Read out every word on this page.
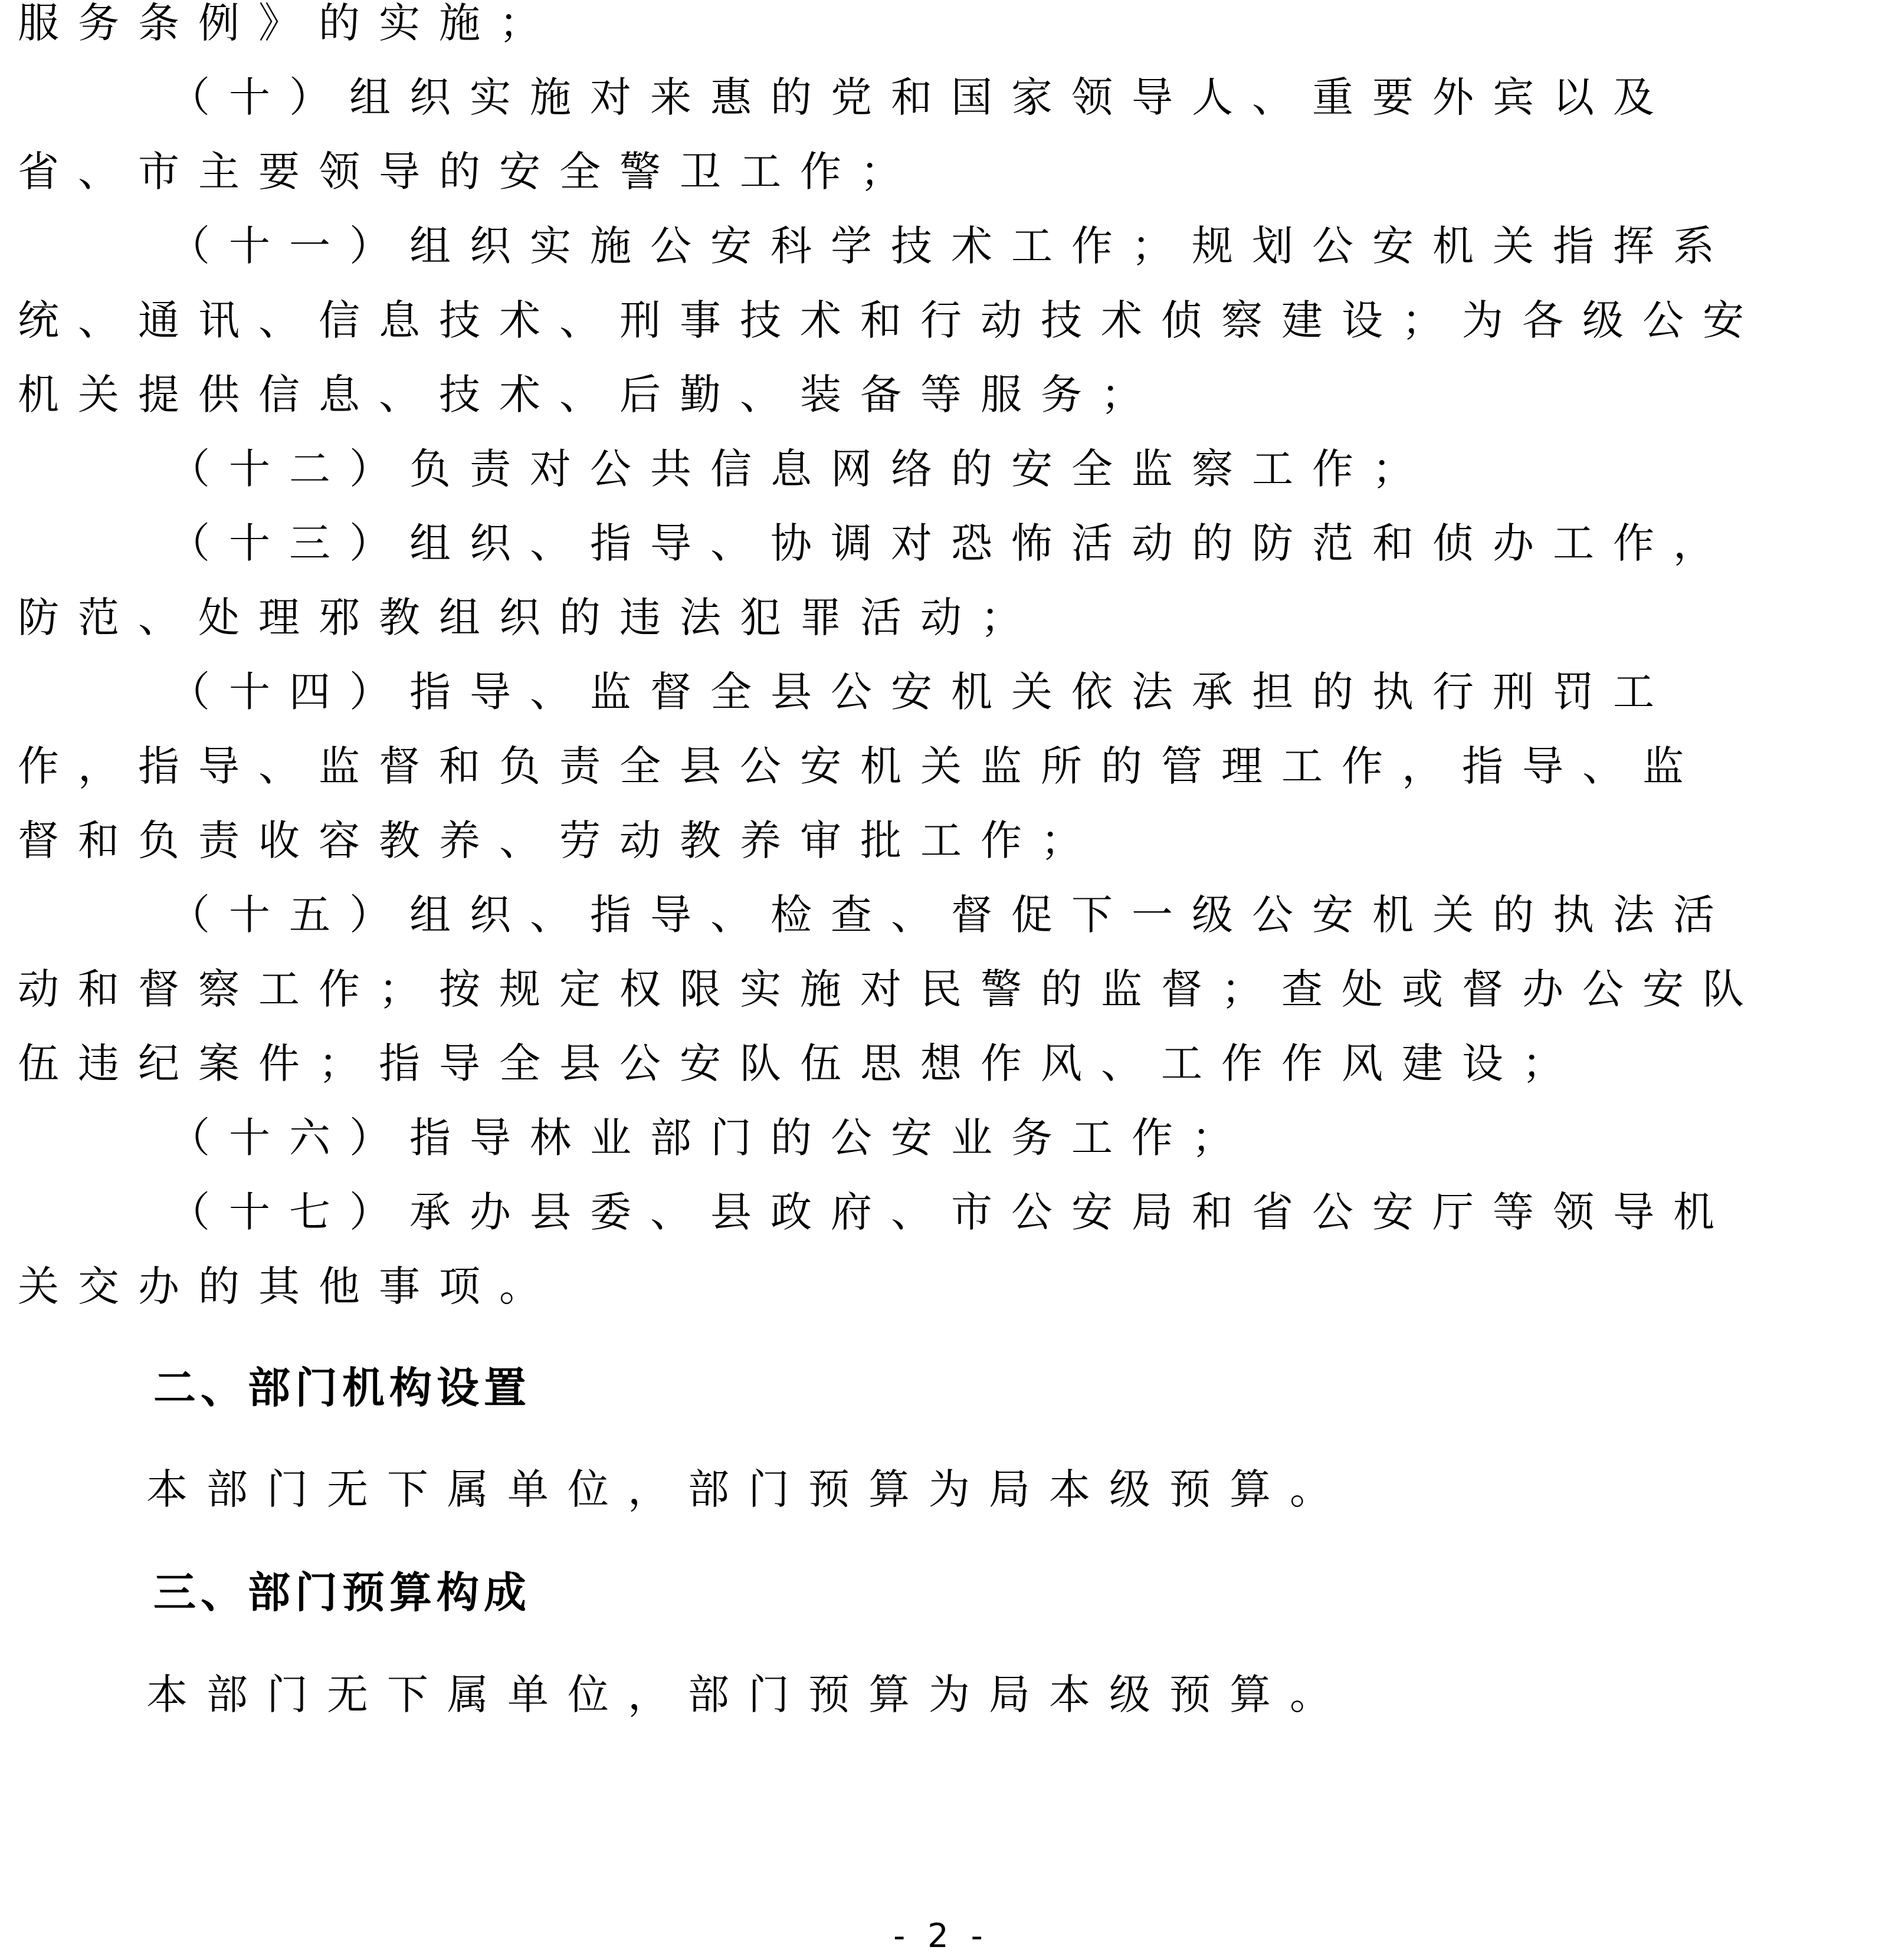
服务条例》的实施；
（十）组织实施对来惠的党和国家领导人、重要外宾以及
省、市主要领导的安全警卫工作；
（十一）组织实施公安科学技术工作；规划公安机关指挥系
统、通讯、信息技术、刑事技术和行动技术侦察建设；为各级公安
机关提供信息、技术、后勤、装备等服务；
（十二）负责对公共信息网络的安全监察工作；
（十三）组织、指导、协调对恐怖活动的防范和侦办工作，
防范、处理邪教组织的违法犯罪活动；
（十四）指导、监督全县公安机关依法承担的执行刑罚工
作，指导、监督和负责全县公安机关监所的管理工作，指导、监
督和负责收容教养、劳动教养审批工作；
（十五）组织、指导、检查、督促下一级公安机关的执法活
动和督察工作；按规定权限实施对民警的监督；查处或督办公安队
伍违纪案件；指导全县公安队伍思想作风、工作作风建设；
（十六）指导林业部门的公安业务工作；
（十七）承办县委、县政府、市公安局和省公安厅等领导机
关交办的其他事项。
二、部门机构设置
本部门无下属单位，部门预算为局本级预算。
三、部门预算构成
本部门无下属单位，部门预算为局本级预算。
- 2 -
